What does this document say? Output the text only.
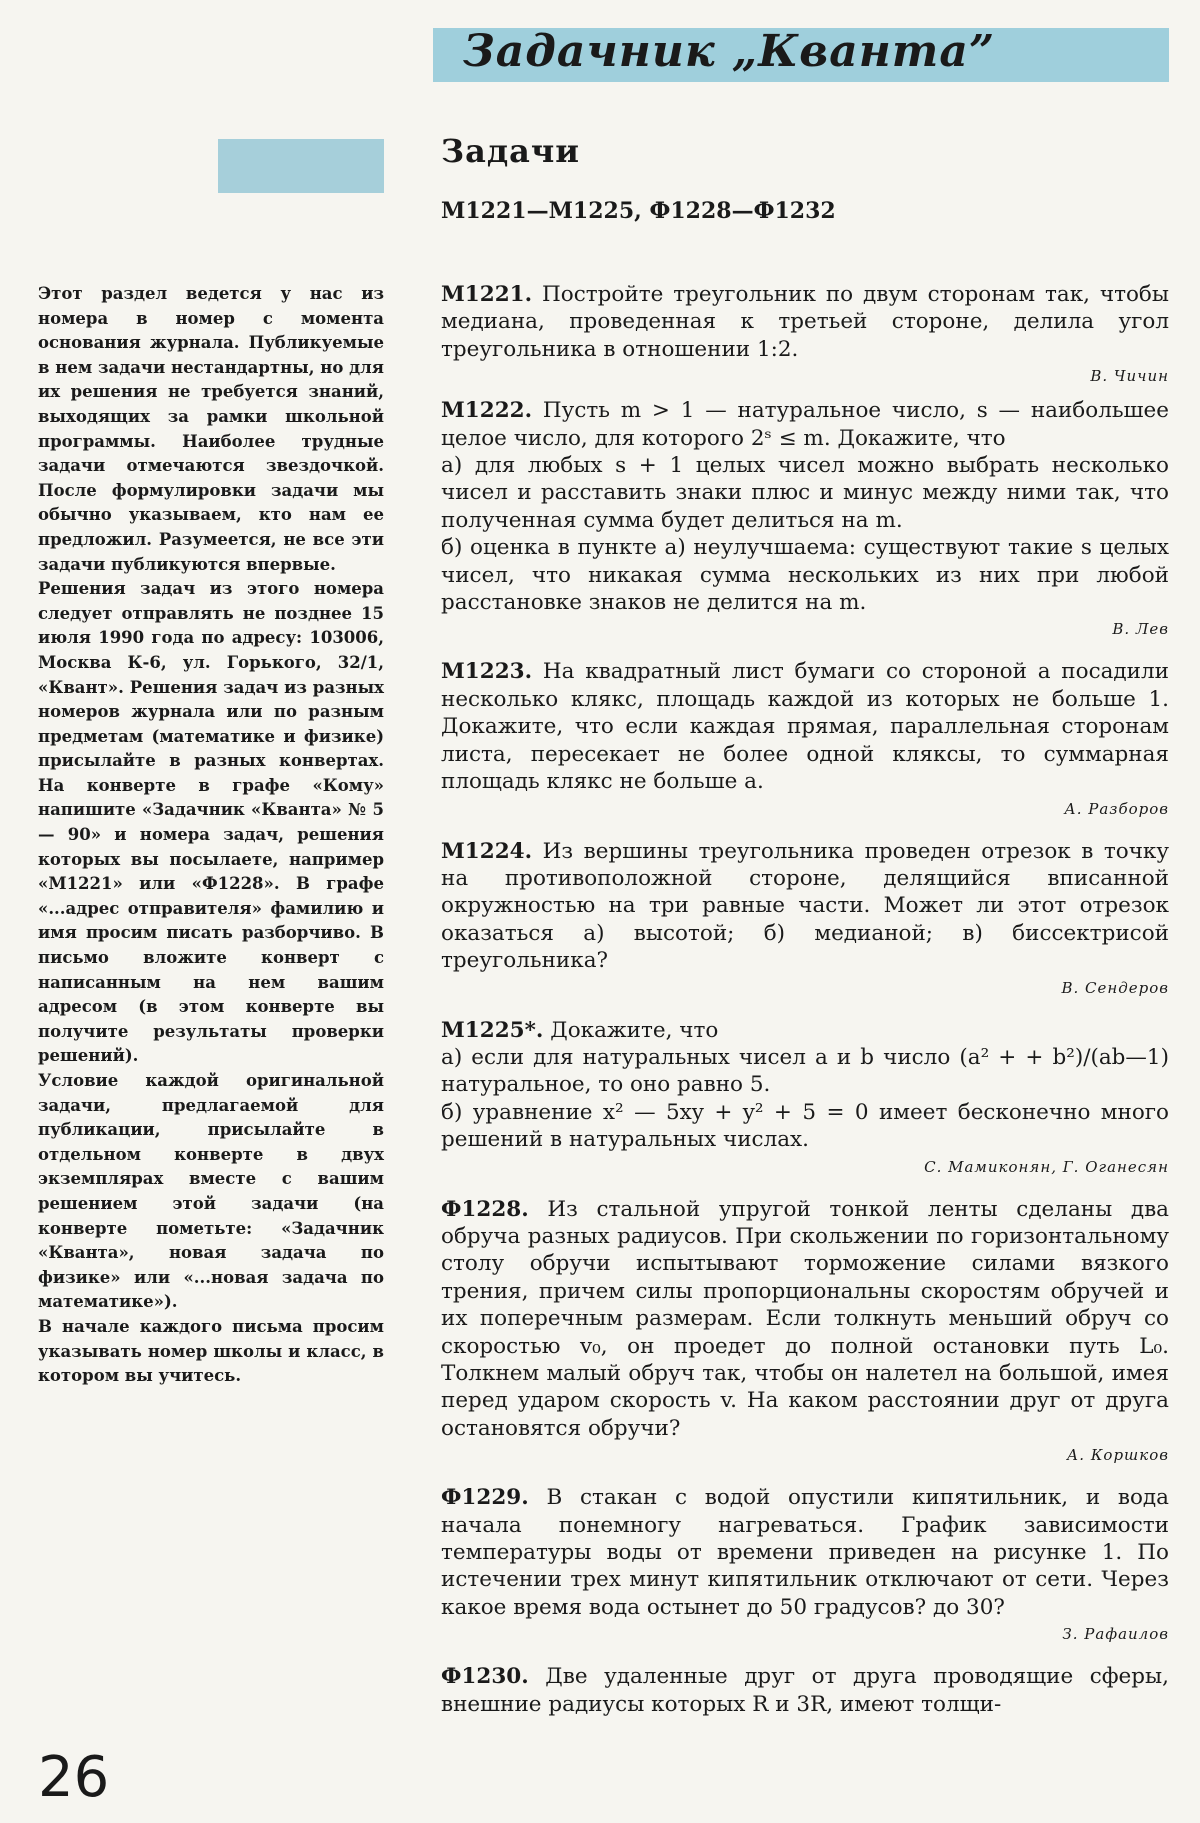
Задачник „Кванта”
Задачи
М1221—М1225, Ф1228—Ф1232

Этот раздел ведется у нас из номера в номер с момента основания журнала. Публикуемые в нем задачи нестандартны, но для их решения не требуется знаний, выходящих за рамки школьной программы. Наиболее трудные задачи отмечаются звездочкой. После формулировки задачи мы обычно указываем, кто нам ее предложил. Разумеется, не все эти задачи публикуются впервые.

Решения задач из этого номера следует отправлять не позднее 15 июля 1990 года по адресу: 103006, Москва К-6, ул. Горького, 32/1, «Квант». Решения задач из разных номеров журнала или по разным предметам (математике и физике) присылайте в разных конвертах. На конверте в графе «Кому» напишите «Задачник «Кванта» № 5 — 90» и номера задач, решения которых вы посылаете, например «М1221» или «Ф1228». В графе «...адрес отправителя» фамилию и имя просим писать разборчиво. В письмо вложите конверт с написанным на нем вашим адресом (в этом конверте вы получите результаты проверки решений).

Условие каждой оригинальной задачи, предлагаемой для публикации, присылайте в отдельном конверте в двух экземплярах вместе с вашим решением этой задачи (на конверте пометьте: «Задачник «Кванта», новая задача по физике» или «...новая задача по математике»).

В начале каждого письма просим указывать номер школы и класс, в котором вы учитесь.

М1221. Постройте треугольник по двум сторонам так, чтобы медиана, проведенная к третьей стороне, делила угол треугольника в отношении 1:2.

В. Чичин

М1222. Пусть m > 1 — натуральное число, s — наибольшее целое число, для которого 2ˢ ≤ m. Докажите, что

а) для любых s + 1 целых чисел можно выбрать несколько чисел и расставить знаки плюс и минус между ними так, что полученная сумма будет делиться на m.

б) оценка в пункте а) неулучшаема: существуют такие s целых чисел, что никакая сумма нескольких из них при любой расстановке знаков не делится на m.

В. Лев

М1223. На квадратный лист бумаги со стороной a посадили несколько клякс, площадь каждой из которых не больше 1. Докажите, что если каждая прямая, параллельная сторонам листа, пересекает не более одной кляксы, то суммарная площадь клякс не больше a.

А. Разборов

М1224. Из вершины треугольника проведен отрезок в точку на противоположной стороне, делящийся вписанной окружностью на три равные части. Может ли этот отрезок оказаться а) высотой; б) медианой; в) биссектрисой треугольника?

В. Сендеров

М1225*. Докажите, что

а) если для натуральных чисел a и b число (a² + + b²)/(ab—1) натуральное, то оно равно 5.

б) уравнение x² — 5xy + y² + 5 = 0 имеет бесконечно много решений в натуральных числах.

С. Мамиконян, Г. Оганесян

Ф1228. Из стальной упругой тонкой ленты сделаны два обруча разных радиусов. При скольжении по горизонтальному столу обручи испытывают торможение силами вязкого трения, причем силы пропорциональны скоростям обручей и их поперечным размерам. Если толкнуть меньший обруч со скоростью v₀, он проедет до полной остановки путь L₀. Толкнем малый обруч так, чтобы он налетел на большой, имея перед ударом скорость v. На каком расстоянии друг от друга остановятся обручи?

А. Коршков

Ф1229. В стакан с водой опустили кипятильник, и вода начала понемногу нагреваться. График зависимости температуры воды от времени приведен на рисунке 1. По истечении трех минут кипятильник отключают от сети. Через какое время вода остынет до 50 градусов? до 30?

З. Рафаилов

Ф1230. Две удаленные друг от друга проводящие сферы, внешние радиусы которых R и 3R, имеют толщи-

26
